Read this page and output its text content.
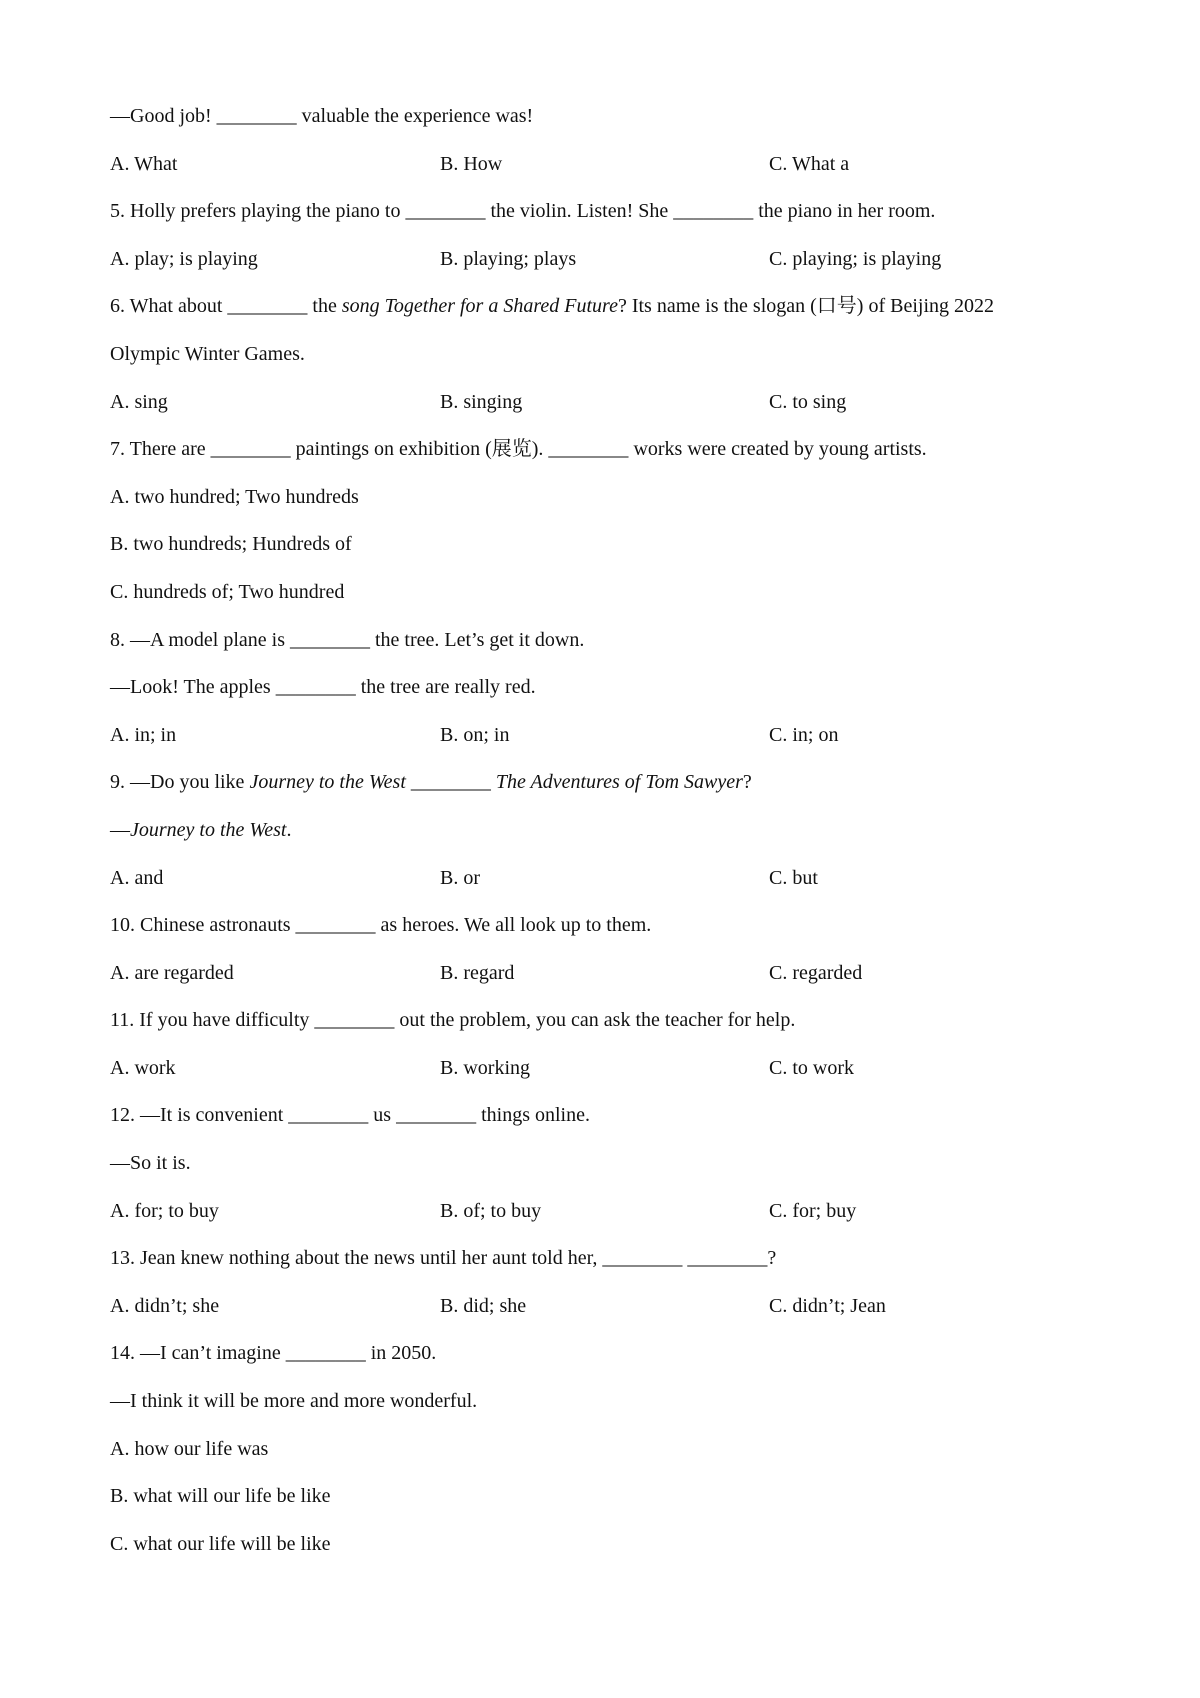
—Good job! ________ valuable the experience was!
A. What	B. How	C. What a
5. Holly prefers playing the piano to ________ the violin. Listen! She ________ the piano in her room.
A. play; is playing	B. playing; plays	C. playing; is playing
6. What about ________ the song Together for a Shared Future? Its name is the slogan (口号) of Beijing 2022
Olympic Winter Games.
A. sing	B. singing	C. to sing
7. There are ________ paintings on exhibition (展览). ________ works were created by young artists.
A. two hundred; Two hundreds
B. two hundreds; Hundreds of
C. hundreds of; Two hundred
8. —A model plane is ________ the tree. Let’s get it down.
—Look! The apples ________ the tree are really red.
A. in; in	B. on; in	C. in; on
9. —Do you like Journey to the West ________ The Adventures of Tom Sawyer?
—Journey to the West.
A. and	B. or	C. but
10. Chinese astronauts ________ as heroes. We all look up to them.
A. are regarded	B. regard	C. regarded
11. If you have difficulty ________ out the problem, you can ask the teacher for help.
A. work	B. working	C. to work
12. —It is convenient ________ us ________ things online.
—So it is.
A. for; to buy	B. of; to buy	C. for; buy
13. Jean knew nothing about the news until her aunt told her, ________ ________?
A. didn’t; she	B. did; she	C. didn’t; Jean
14. —I can’t imagine ________ in 2050.
—I think it will be more and more wonderful.
A. how our life was
B. what will our life be like
C. what our life will be like
